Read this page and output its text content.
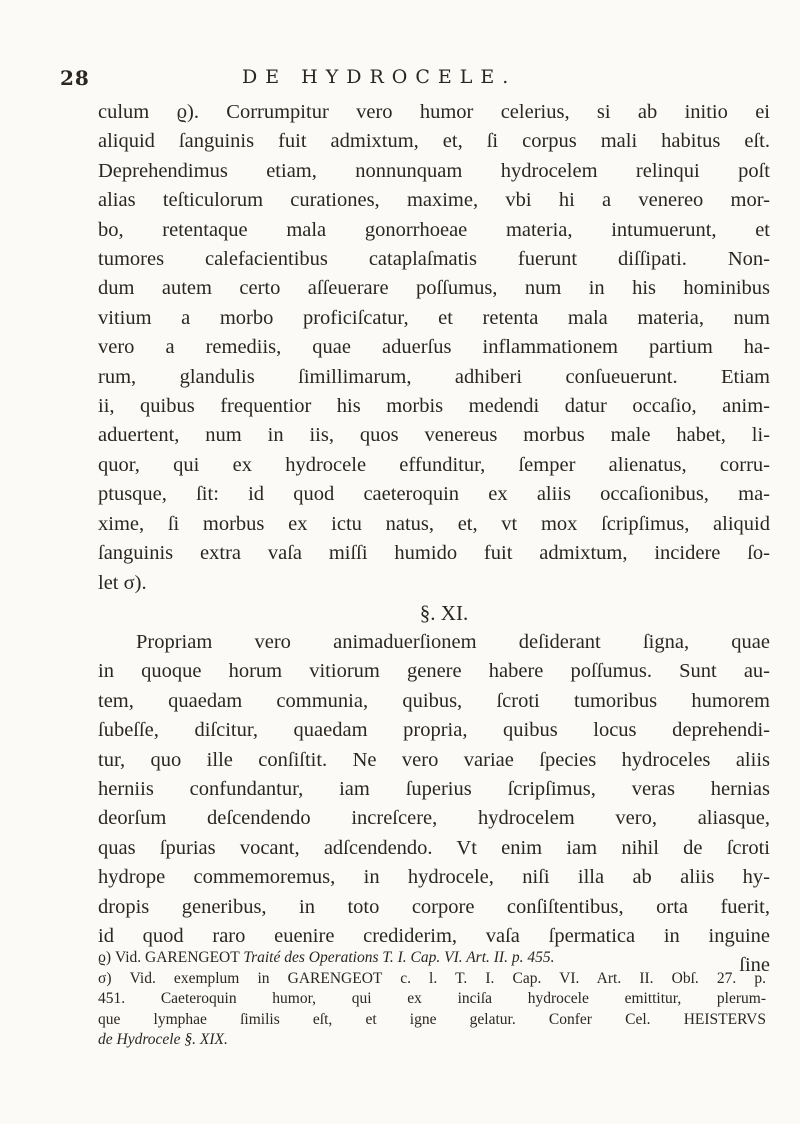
28	DE HYDROCELE.
culum ϱ). Corrumpitur vero humor celerius, si ab initio ei
aliquid ſanguinis fuit admixtum, et, ſi corpus mali habitus eſt.
Deprehendimus etiam, nonnunquam hydrocelem relinqui poſt
alias teſticulorum curationes, maxime, vbi hi a venereo mor-
bo, retentaque mala gonorrhoeae materia, intumuerunt, et
tumores calefacientibus cataplaſmatis fuerunt diſſipati. Non-
dum autem certo aſſeuerare poſſumus, num in his hominibus
vitium a morbo proficiſcatur, et retenta mala materia, num
vero a remediis, quae aduerſus inflammationem partium ha-
rum, glandulis ſimillimarum, adhiberi conſueuerunt. Etiam
ii, quibus frequentior his morbis medendi datur occaſio, anim-
aduertent, num in iis, quos venereus morbus male habet, li-
quor, qui ex hydrocele effunditur, ſemper alienatus, corru-
ptusque, ſit: id quod caeteroquin ex aliis occaſionibus, ma-
xime, ſi morbus ex ictu natus, et, vt mox ſcripſimus, aliquid
ſanguinis extra vaſa miſſi humido fuit admixtum, incidere ſo-
let σ).
§. XI.
Propriam vero animaduerſionem deſiderant ſigna, quae
in quoque horum vitiorum genere habere poſſumus. Sunt au-
tem, quaedam communia, quibus, ſcroti tumoribus humorem
ſubeſſe, diſcitur, quaedam propria, quibus locus deprehendi-
tur, quo ille conſiſtit. Ne vero variae ſpecies hydroceles aliis
herniis confundantur, iam ſuperius ſcripſimus, veras hernias
deorſum deſcendendo increſcere, hydrocelem vero, aliasque,
quas ſpurias vocant, adſcendendo. Vt enim iam nihil de ſcroti
hydrope commemoremus, in hydrocele, niſi illa ab aliis hy-
dropis generibus, in toto corpore conſiſtentibus, orta fuerit,
id quod raro euenire crediderim, vaſa ſpermatica in inguine
ſine
ϱ) Vid. GARENGEOT Traité des Operations T. I. Cap. VI. Art. II. p. 455.
σ) Vid. exemplum in GARENGEOT c. l. T. I. Cap. VI. Art. II. Obſ. 27. p.
451. Caeteroquin humor, qui ex inciſa hydrocele emittitur, plerum-
que lymphae ſimilis eſt, et igne gelatur. Confer Cel. HEISTERVS
de Hydrocele §. XIX.
